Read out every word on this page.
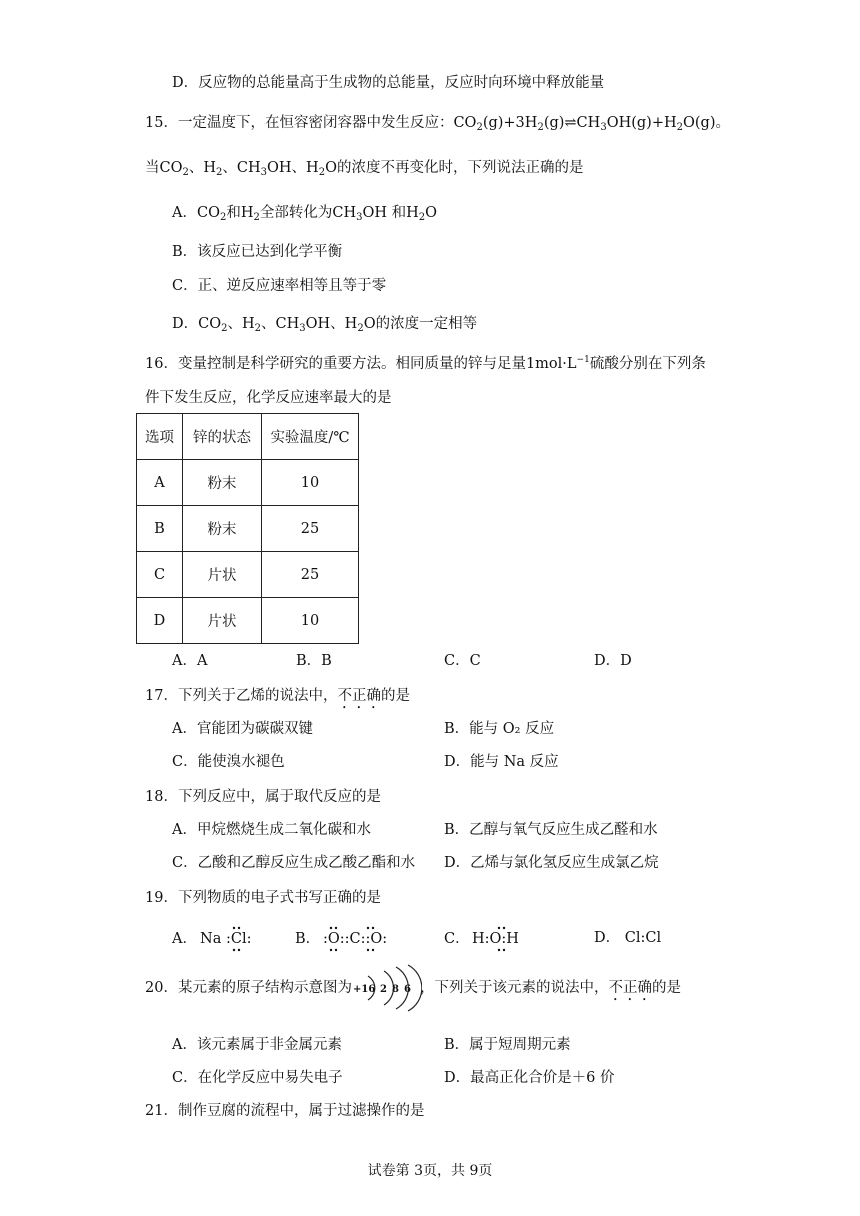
D．反应物的总能量高于生成物的总能量，反应时向环境中释放能量
15．一定温度下，在恒容密闭容器中发生反应：$CO_2(g)+3H_2(g)\rightleftharpoons CH_3OH(g)+H_2O(g)$。
当$CO_2$、$H_2$、$CH_3OH$、$H_2O$的浓度不再变化时，下列说法正确的是
A．$CO_2$和$H_2$全部转化为$CH_3OH$ 和$H_2O$
B．该反应已达到化学平衡
C．正、逆反应速率相等且等于零
D．$CO_2$、$H_2$、$CH_3OH$、$H_2O$的浓度一定相等
16．变量控制是科学研究的重要方法。相同质量的锌与足量$1mol\cdot L^{-1}$硫酸分别在下列条
件下发生反应，化学反应速率最大的是
选项	锌的状态	实验温度/℃
A	粉末	10
B	粉末	25
C	片状	25
D	片状	10
A．A	B．B	C．C	D．D
17．下列关于乙烯的说法中，不正确的是
A．官能团为碳碳双键	B．能与 O₂ 反应
C．能使溴水褪色	D．能与 Na 反应
18．下列反应中，属于取代反应的是
A．甲烷燃烧生成二氧化碳和水	B．乙醇与氧气反应生成乙醛和水
C．乙酸和乙醇反应生成乙酸乙酯和水 D．乙烯与氯化氢反应生成氯乙烷
19．下列物质的电子式书写正确的是
A． Na :Cl:	B． :O::C::O:	C． H:O:H	D． Cl:Cl
20．某元素的原子结构示意图为	，下列关于该元素的说法中，不正确的是
+16 2 8 6
A．该元素属于非金属元素	B．属于短周期元素
C．在化学反应中易失电子	D．最高正化合价是＋6 价
21．制作豆腐的流程中，属于过滤操作的是
试卷第 3页，共 9页
